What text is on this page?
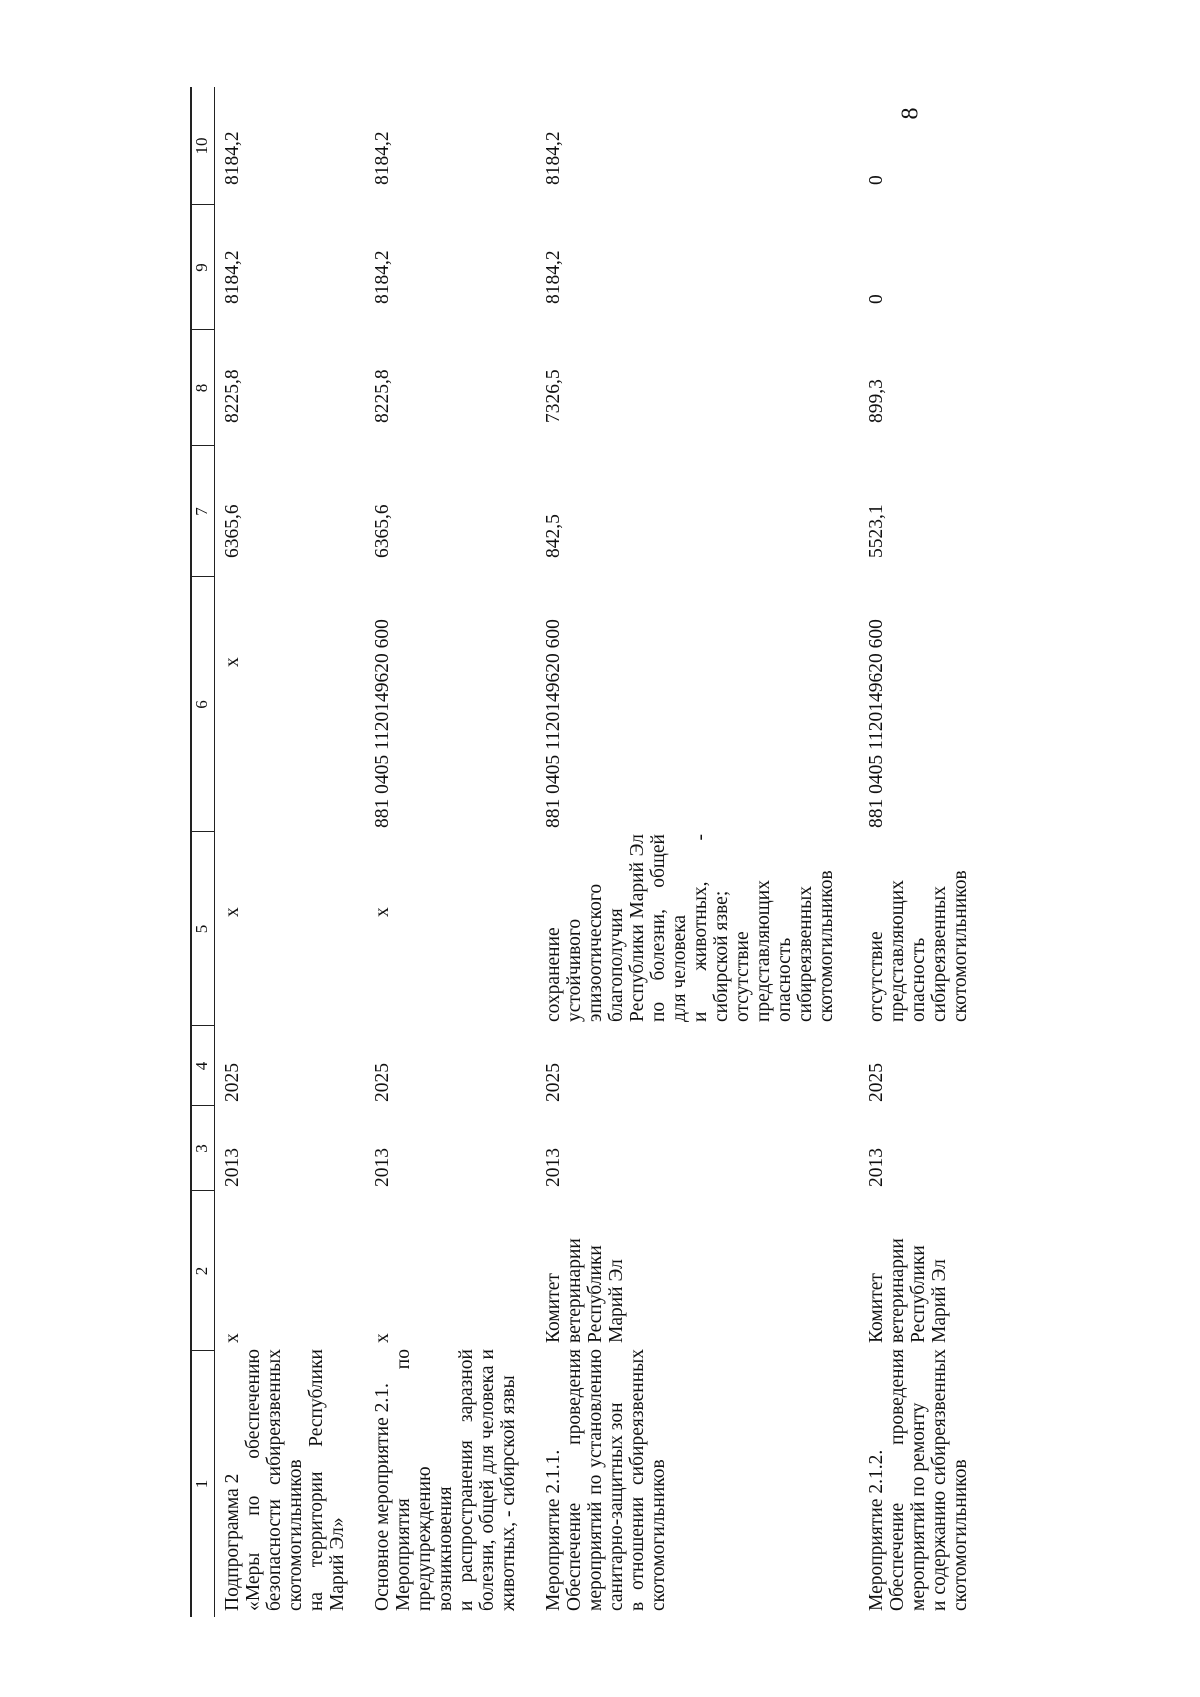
8
1
2
3
4
5
6
7
8
9
10
Подпрограмма 2 «Меры по обеспечению безопасности сибиреязвенных скотомогильников на территории Республики Марий Эл»
x
2013
2025
x
x
6365,6
8225,8
8184,2
8184,2
Основное мероприятие 2.1. Мероприятия по предупреждению возникновения и распространения заразной болезни, общей для человека и животных, - сибирской язвы
x
2013
2025
x
881 0405 1120149620 600
6365,6
8225,8
8184,2
8184,2
Мероприятие 2.1.1. Обеспечение проведения мероприятий по установлению санитарно-защитных зон в отношении сибиреязвенных скотомогильников
Комитет ветеринарии Республики Марий Эл
2013
2025
сохранение устойчивого эпизоотического благополучия Республики Марий Эл по болезни, общей для человека и животных, - сибирской язве; отсутствие представляющих опасность сибиреязвенных скотомогильников
881 0405 1120149620 600
842,5
7326,5
8184,2
8184,2
Мероприятие 2.1.2. Обеспечение проведения мероприятий по ремонту и содержанию сибиреязвенных скотомогильников
Комитет ветеринарии Республики Марий Эл
2013
2025
отсутствие представляющих опасность сибиреязвенных скотомогильников
881 0405 1120149620 600
5523,1
899,3
0
0
